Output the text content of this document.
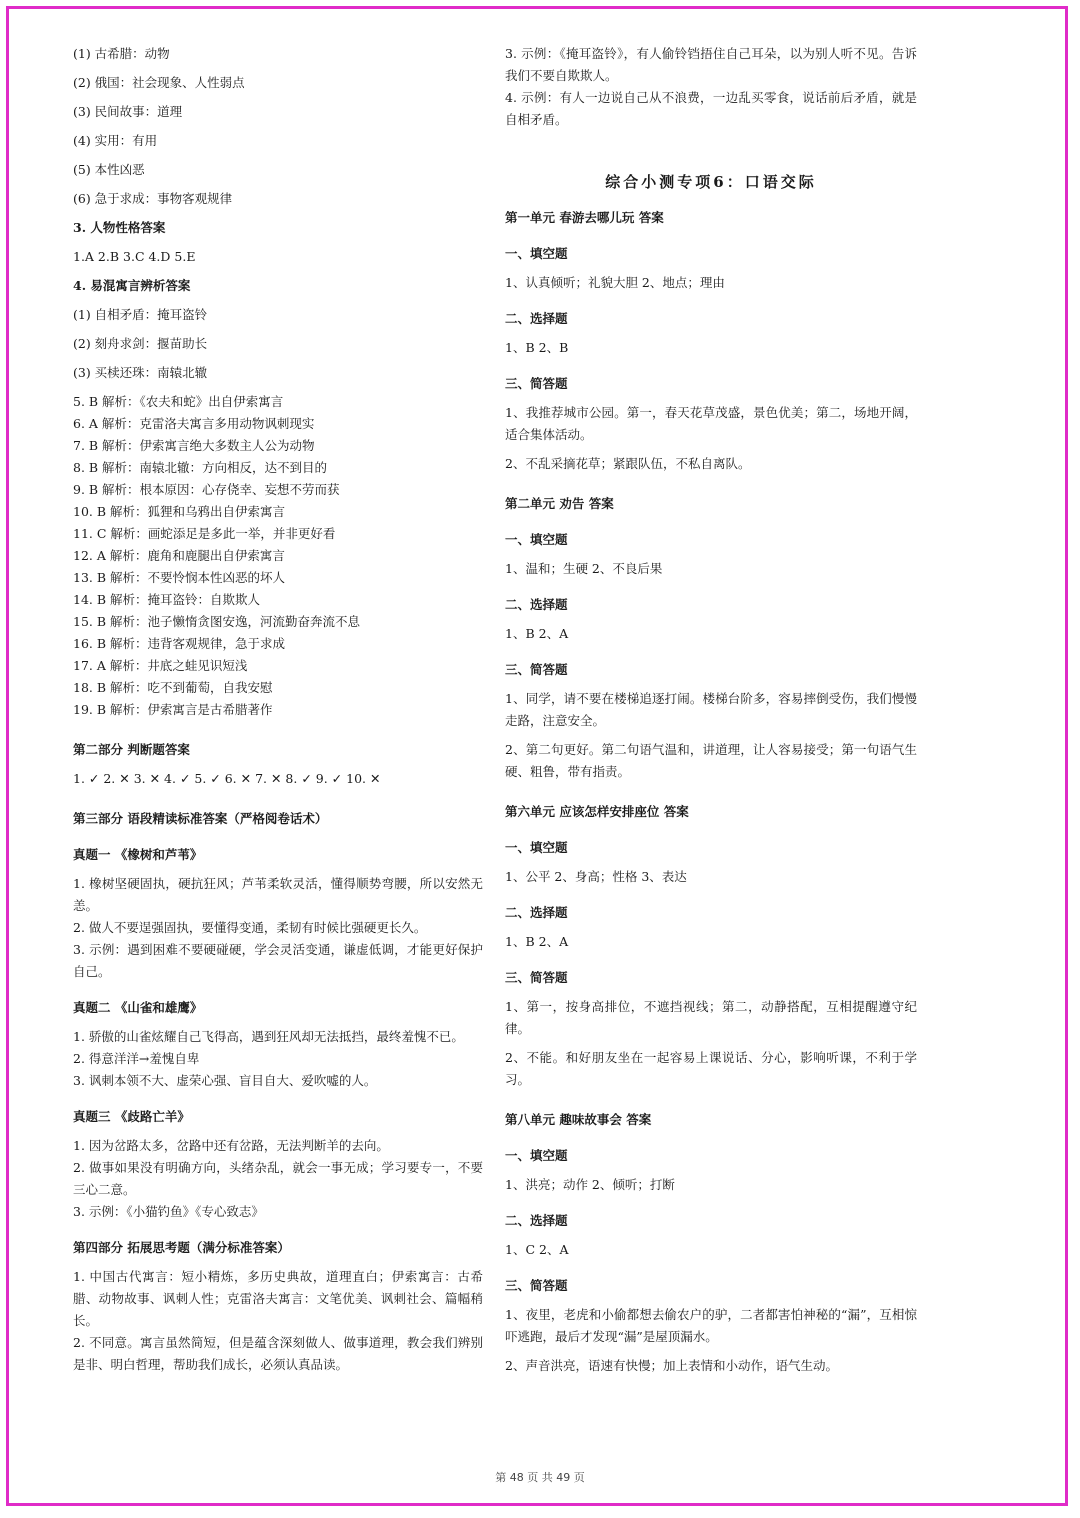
(1) 古希腊：动物
(2) 俄国：社会现象、人性弱点
(3) 民间故事：道理
(4) 实用：有用
(5) 本性凶恶
(6) 急于求成：事物客观规律
3. 人物性格答案
1.A 2.B 3.C 4.D 5.E
4. 易混寓言辨析答案
(1) 自相矛盾：掩耳盗铃
(2) 刻舟求剑：揠苗助长
(3) 买椟还珠：南辕北辙
5. B 解析：《农夫和蛇》出自伊索寓言
6. A 解析：克雷洛夫寓言多用动物讽刺现实
7. B 解析：伊索寓言绝大多数主人公为动物
8. B 解析：南辕北辙：方向相反，达不到目的
9. B 解析：根本原因：心存侥幸、妄想不劳而获
10. B 解析：狐狸和乌鸦出自伊索寓言
11. C 解析：画蛇添足是多此一举，并非更好看
12. A 解析：鹿角和鹿腿出自伊索寓言
13. B 解析：不要怜悯本性凶恶的坏人
14. B 解析：掩耳盗铃：自欺欺人
15. B 解析：池子懒惰贪图安逸，河流勤奋奔流不息
16. B 解析：违背客观规律，急于求成
17. A 解析：井底之蛙见识短浅
18. B 解析：吃不到葡萄，自我安慰
19. B 解析：伊索寓言是古希腊著作
第二部分 判断题答案
1. ✓ 2. ✕ 3. ✕ 4. ✓ 5. ✓ 6. ✕ 7. ✕ 8. ✓ 9. ✓ 10. ✕
第三部分 语段精读标准答案（严格阅卷话术）
真题一 《橡树和芦苇》
1. 橡树坚硬固执，硬抗狂风；芦苇柔软灵活，懂得顺势弯腰，所以安然无恙。
2. 做人不要逞强固执，要懂得变通，柔韧有时候比强硬更长久。
3. 示例：遇到困难不要硬碰硬，学会灵活变通，谦虚低调，才能更好保护自己。
真题二 《山雀和雄鹰》
1. 骄傲的山雀炫耀自己飞得高，遇到狂风却无法抵挡，最终羞愧不已。
2. 得意洋洋→羞愧自卑
3. 讽刺本领不大、虚荣心强、盲目自大、爱吹嘘的人。
真题三 《歧路亡羊》
1. 因为岔路太多，岔路中还有岔路，无法判断羊的去向。
2. 做事如果没有明确方向，头绪杂乱，就会一事无成；学习要专一，不要三心二意。
3. 示例：《小猫钓鱼》《专心致志》
第四部分 拓展思考题（满分标准答案）
1. 中国古代寓言：短小精炼，多历史典故，道理直白；伊索寓言：古希腊、动物故事、讽刺人性；克雷洛夫寓言：文笔优美、讽刺社会、篇幅稍长。
2. 不同意。寓言虽然简短，但是蕴含深刻做人、做事道理，教会我们辨别是非、明白哲理，帮助我们成长，必须认真品读。
3. 示例：《掩耳盗铃》，有人偷铃铛捂住自己耳朵，以为别人听不见。告诉我们不要自欺欺人。
4. 示例：有人一边说自己从不浪费，一边乱买零食，说话前后矛盾，就是自相矛盾。
综合小测专项6：口语交际
第一单元 春游去哪儿玩 答案
一、填空题
1、认真倾听；礼貌大胆 2、地点；理由
二、选择题
1、B 2、B
三、简答题
1、我推荐城市公园。第一，春天花草茂盛，景色优美；第二，场地开阔，适合集体活动。
2、不乱采摘花草；紧跟队伍，不私自离队。
第二单元 劝告 答案
一、填空题
1、温和；生硬 2、不良后果
二、选择题
1、B 2、A
三、简答题
1、同学，请不要在楼梯追逐打闹。楼梯台阶多，容易摔倒受伤，我们慢慢走路，注意安全。
2、第二句更好。第二句语气温和，讲道理，让人容易接受；第一句语气生硬、粗鲁，带有指责。
第六单元 应该怎样安排座位 答案
一、填空题
1、公平 2、身高；性格 3、表达
二、选择题
1、B 2、A
三、简答题
1、第一，按身高排位，不遮挡视线；第二，动静搭配，互相提醒遵守纪律。
2、不能。和好朋友坐在一起容易上课说话、分心，影响听课，不利于学习。
第八单元 趣味故事会 答案
一、填空题
1、洪亮；动作 2、倾听；打断
二、选择题
1、C 2、A
三、简答题
1、夜里，老虎和小偷都想去偷农户的驴，二者都害怕神秘的“漏”，互相惊吓逃跑，最后才发现“漏”是屋顶漏水。
2、声音洪亮，语速有快慢；加上表情和小动作，语气生动。
第 48 页 共 49 页
